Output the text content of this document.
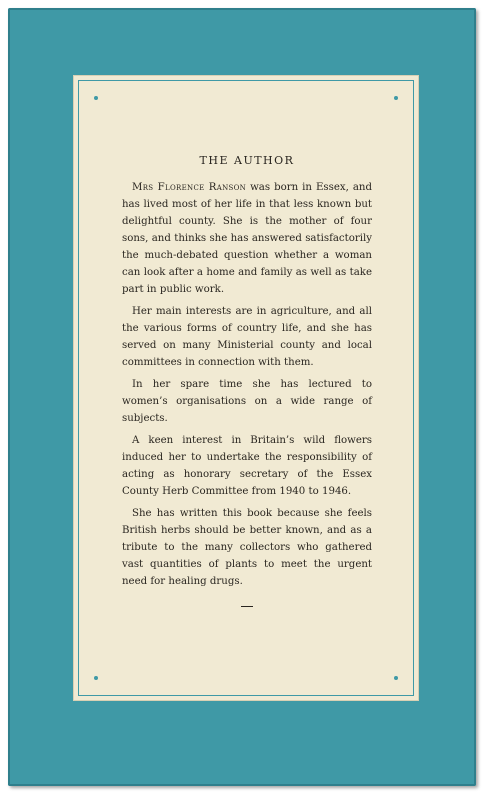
THE AUTHOR

Mrs Florence Ranson was born in Essex, and has lived most of her life in that less known but delightful county. She is the mother of four sons, and thinks she has answered satisfactorily the much-debated question whether a woman can look after a home and family as well as take part in public work.

Her main interests are in agriculture, and all the various forms of country life, and she has served on many Ministerial county and local committees in connection with them.

In her spare time she has lectured to women’s organisations on a wide range of subjects.

A keen interest in Britain’s wild flowers induced her to undertake the responsibility of acting as honorary secretary of the Essex County Herb Committee from 1940 to 1946.

She has written this book because she feels British herbs should be better known, and as a tribute to the many collectors who gathered vast quantities of plants to meet the urgent need for healing drugs.
